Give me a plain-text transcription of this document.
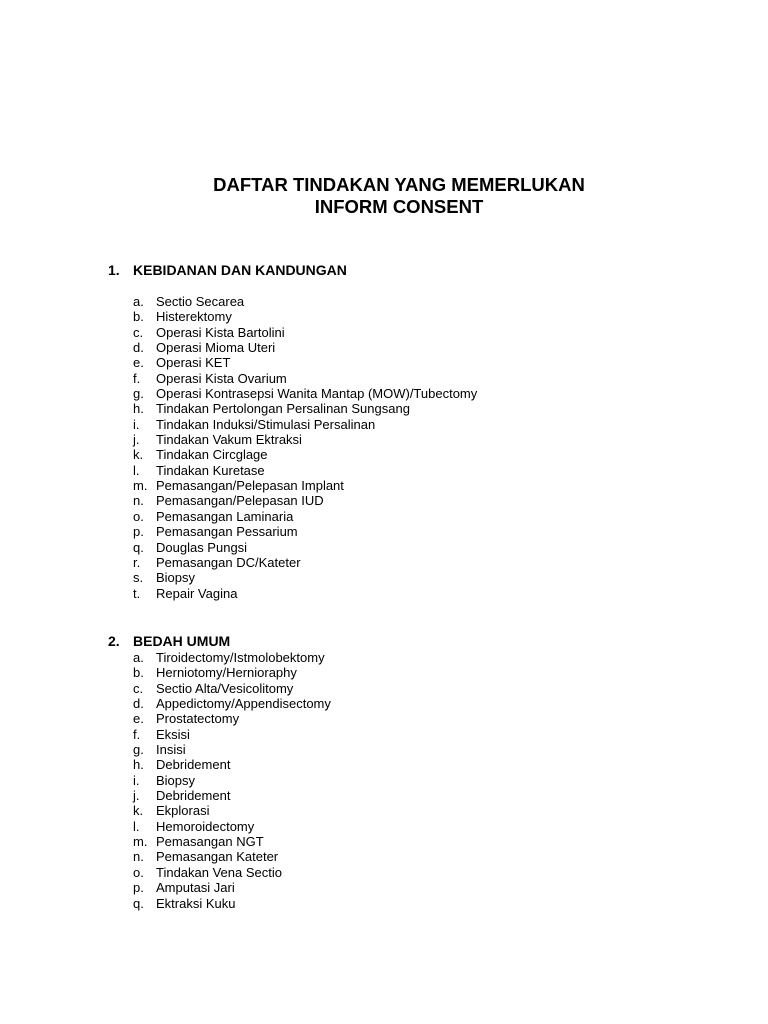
DAFTAR TINDAKAN YANG MEMERLUKAN
INFORM CONSENT
1. KEBIDANAN DAN KANDUNGAN
a. Sectio Secarea
b. Histerektomy
c. Operasi Kista Bartolini
d. Operasi Mioma Uteri
e. Operasi KET
f. Operasi Kista Ovarium
g. Operasi Kontrasepsi Wanita Mantap (MOW)/Tubectomy
h. Tindakan Pertolongan Persalinan Sungsang
i. Tindakan Induksi/Stimulasi Persalinan
j. Tindakan Vakum Ektraksi
k. Tindakan Circglage
l. Tindakan Kuretase
m. Pemasangan/Pelepasan Implant
n. Pemasangan/Pelepasan IUD
o. Pemasangan Laminaria
p. Pemasangan Pessarium
q. Douglas Pungsi
r. Pemasangan DC/Kateter
s. Biopsy
t. Repair Vagina
2. BEDAH UMUM
a. Tiroidectomy/Istmolobektomy
b. Herniotomy/Hernioraphy
c. Sectio Alta/Vesicolitomy
d. Appedictomy/Appendisectomy
e. Prostatectomy
f. Eksisi
g. Insisi
h. Debridement
i. Biopsy
j. Debridement
k. Ekplorasi
l. Hemoroidectomy
m. Pemasangan NGT
n. Pemasangan Kateter
o. Tindakan Vena Sectio
p. Amputasi Jari
q. Ektraksi Kuku
